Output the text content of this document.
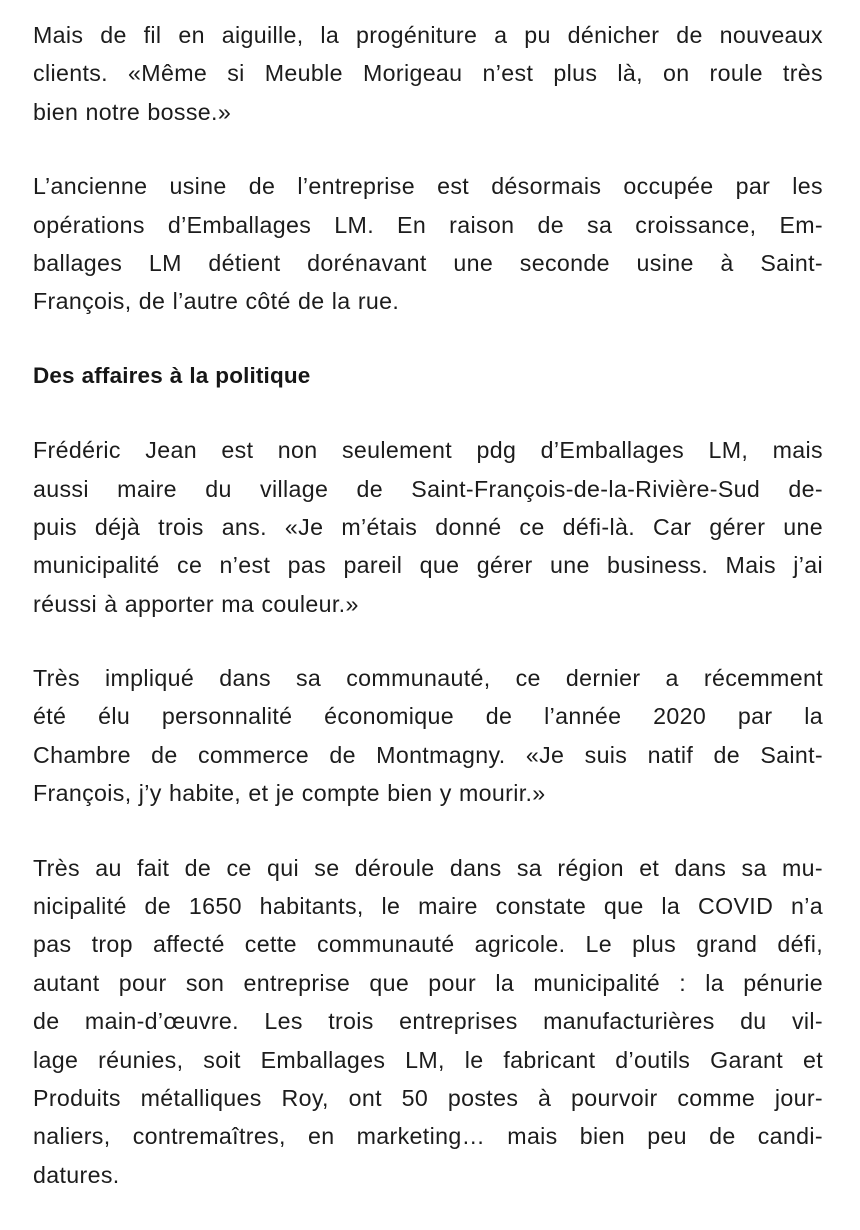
Mais de fil en aiguille, la progéniture a pu dénicher de nouveaux
clients. «Même si Meuble Morigeau n’est plus là, on roule très
bien notre bosse.»
L’ancienne usine de l’entreprise est désormais occupée par les
opérations d’Emballages LM. En raison de sa croissance, Em-
ballages LM détient dorénavant une seconde usine à Saint-
François, de l’autre côté de la rue.
Des affaires à la politique
Frédéric Jean est non seulement pdg d’Emballages LM, mais
aussi maire du village de Saint-François-de-la-Rivière-Sud de-
puis déjà trois ans. «Je m’étais donné ce défi-là. Car gérer une
municipalité ce n’est pas pareil que gérer une business. Mais j’ai
réussi à apporter ma couleur.»
Très impliqué dans sa communauté, ce dernier a récemment
été élu personnalité économique de l’année 2020 par la
Chambre de commerce de Montmagny. «Je suis natif de Saint-
François, j’y habite, et je compte bien y mourir.»
Très au fait de ce qui se déroule dans sa région et dans sa mu-
nicipalité de 1650 habitants, le maire constate que la COVID n’a
pas trop affecté cette communauté agricole. Le plus grand défi,
autant pour son entreprise que pour la municipalité : la pénurie
de main-d’œuvre. Les trois entreprises manufacturières du vil-
lage réunies, soit Emballages LM, le fabricant d’outils Garant et
Produits métalliques Roy, ont 50 postes à pourvoir comme jour-
naliers, contremaîtres, en marketing… mais bien peu de candi-
datures.
